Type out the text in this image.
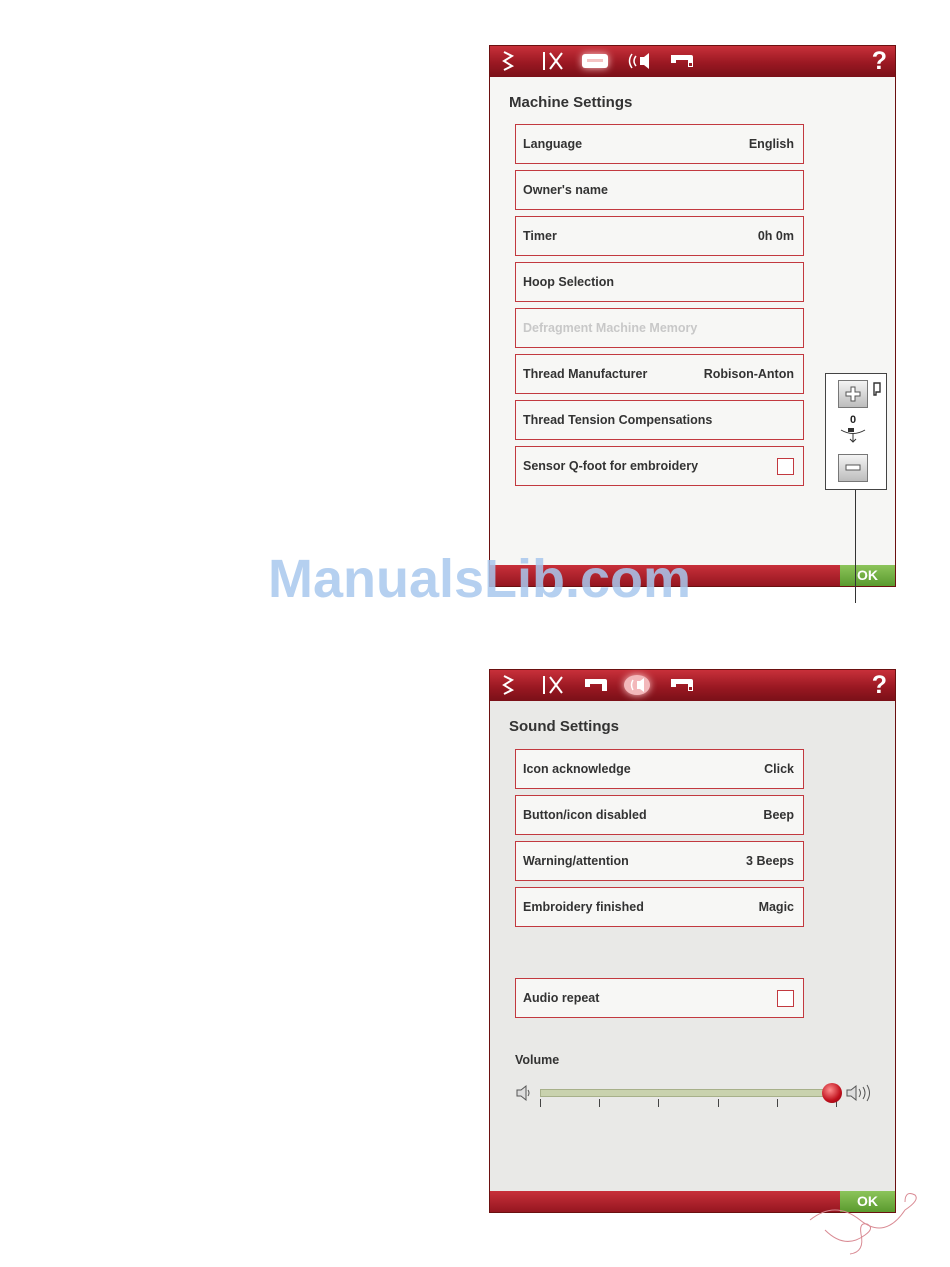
?
Machine Settings
Language	English
Owner's name
Timer	0h 0m
Hoop Selection
Defragment Machine Memory
Thread Manufacturer	Robison-Anton
Thread Tension Compensations
Sensor Q-foot for embroidery
0
OK
ManualsLib.com
?
Sound Settings
Icon acknowledge	Click
Button/icon disabled	Beep
Warning/attention	3 Beeps
Embroidery finished	Magic
Audio repeat
Volume
OK
